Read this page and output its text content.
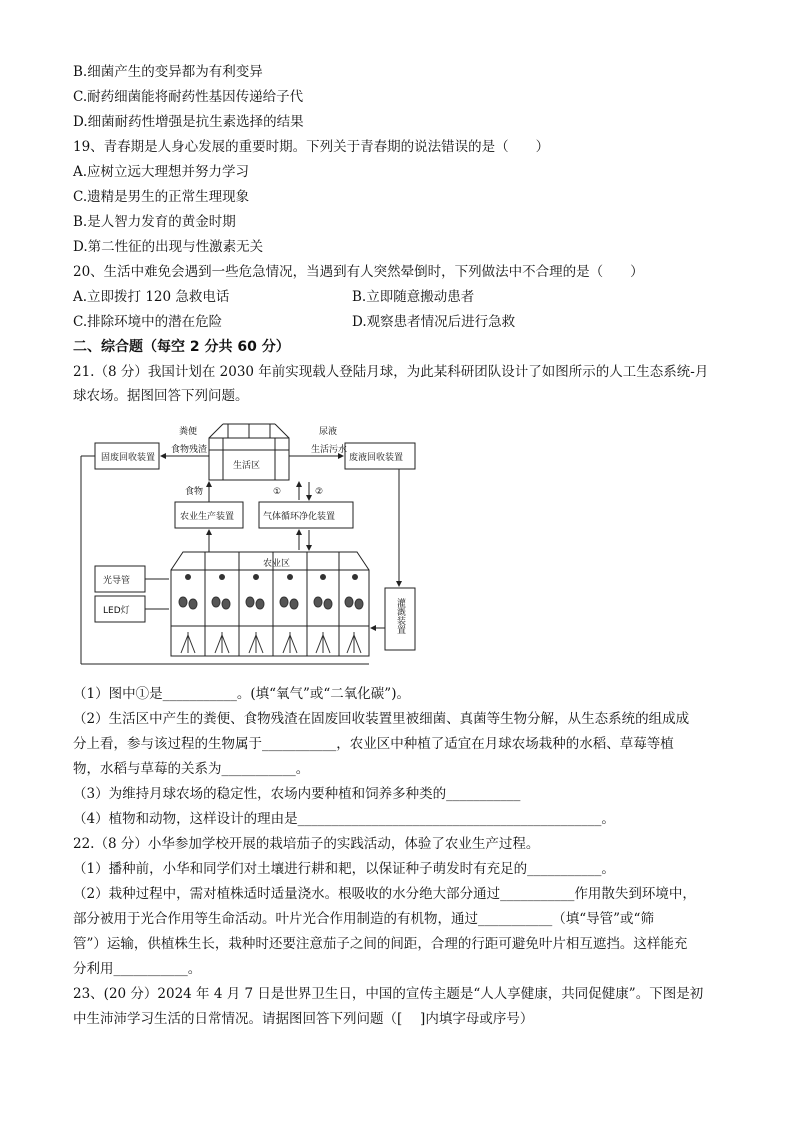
B.细菌产生的变异都为有利变异
C.耐药细菌能将耐药性基因传递给子代
D.细菌耐药性增强是抗生素选择的结果
19、青春期是人身心发展的重要时期。下列关于青春期的说法错误的是（　　）
A.应树立远大理想并努力学习
C.遗精是男生的正常生理现象
B.是人智力发育的黄金时期
D.第二性征的出现与性激素无关
20、生活中难免会遇到一些危急情况，当遇到有人突然晕倒时，下列做法中不合理的是（　　）
A.立即拨打 120 急救电话	B.立即随意搬动患者
C.排除环境中的潜在危险	D.观察患者情况后进行急救
二、综合题（每空 2 分共 60 分）
21.（8 分）我国计划在 2030 年前实现载人登陆月球，为此某科研团队设计了如图所示的人工生态系统-月
球农场。据图回答下列问题。
固废回收装置
粪便
食物残渣
生活区
尿液
生活污水
废液回收装置
食物	①	②
农业生产装置	气体循环净化装置
光导管
LED灯
农业区
灌溉装置
（1）图中①是___________。(填“氧气”或“二氧化碳”)。
（2）生活区中产生的粪便、食物残渣在固废回收装置里被细菌、真菌等生物分解，从生态系统的组成成
分上看，参与该过程的生物属于___________，农业区中种植了适宜在月球农场栽种的水稻、草莓等植
物，水稻与草莓的关系为___________。
（3）为维持月球农场的稳定性，农场内要种植和饲养多种类的___________
（4）植物和动物，这样设计的理由是_____________________________________________。
22.（8 分）小华参加学校开展的栽培茄子的实践活动，体验了农业生产过程。
（1）播种前，小华和同学们对土壤进行耕和耙，以保证种子萌发时有充足的___________。
（2）栽种过程中，需对植株适时适量浇水。根吸收的水分绝大部分通过___________作用散失到环境中，
部分被用于光合作用等生命活动。叶片光合作用制造的有机物，通过___________（填“导管”或“筛
管”）运输，供植株生长，栽种时还要注意茄子之间的间距，合理的行距可避免叶片相互遮挡。这样能充
分利用___________。
23、(20 分）2024 年 4 月 7 日是世界卫生日，中国的宣传主题是“人人享健康，共同促健康”。下图是初
中生沛沛学习生活的日常情况。请据图回答下列问题（[　 ]内填字母或序号）
